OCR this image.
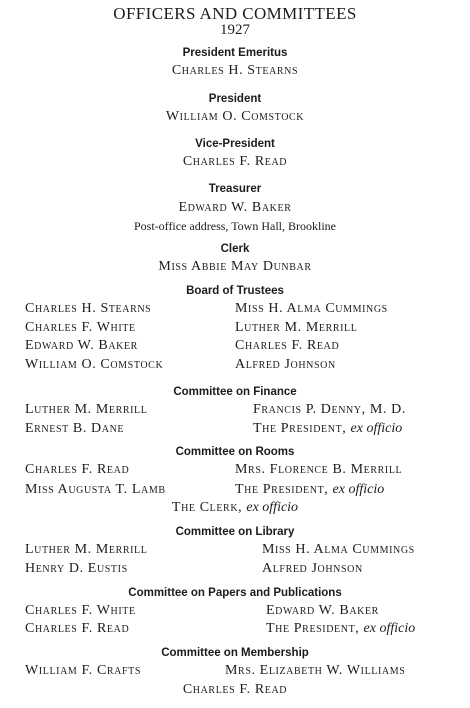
OFFICERS AND COMMITTEES
1927
President Emeritus
Charles H. Stearns
President
William O. Comstock
Vice-President
Charles F. Read
Treasurer
Edward W. Baker
Post-office address, Town Hall, Brookline
Clerk
Miss Abbie May Dunbar
Board of Trustees
Charles H. Stearns
Charles F. White
Edward W. Baker
William O. Comstock
Miss H. Alma Cummings
Luther M. Merrill
Charles F. Read
Alfred Johnson
Committee on Finance
Luther M. Merrill
Ernest B. Dane
Francis P. Denny, M. D.
The President, ex officio
Committee on Rooms
Charles F. Read
Miss Augusta T. Lamb
Mrs. Florence B. Merrill
The President, ex officio
The Clerk, ex officio
Committee on Library
Luther M. Merrill
Henry D. Eustis
Miss H. Alma Cummings
Alfred Johnson
Committee on Papers and Publications
Charles F. White
Charles F. Read
Edward W. Baker
The President, ex officio
Committee on Membership
William F. Crafts	Mrs. Elizabeth W. Williams
Charles F. Read
